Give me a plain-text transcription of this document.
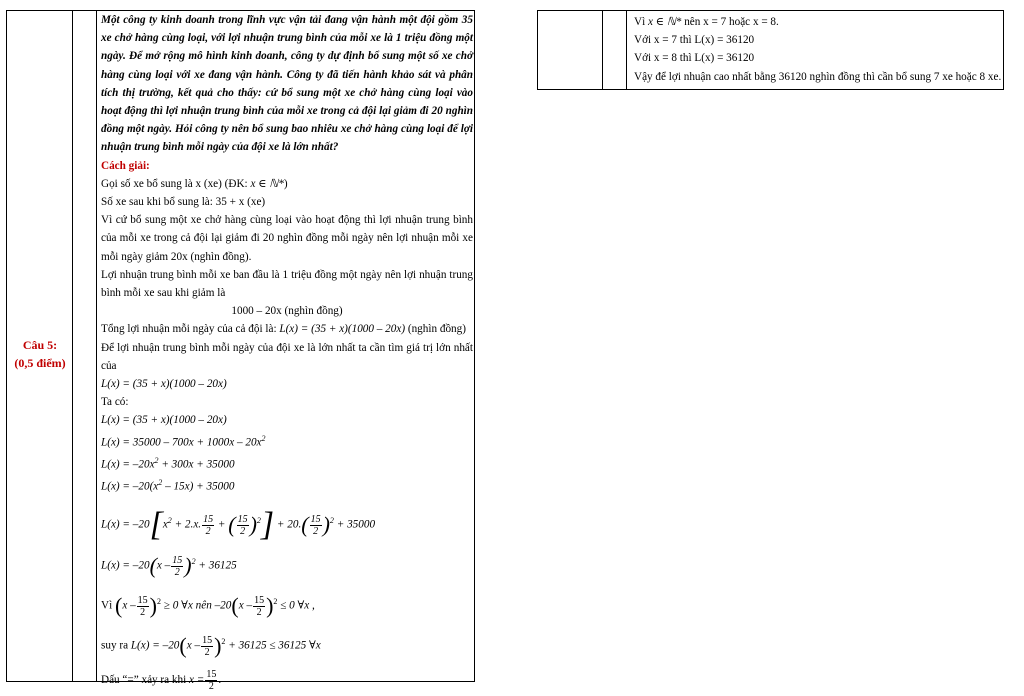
Câu 5:
(0,5 điểm)
Một công ty kinh doanh trong lĩnh vực vận tải đang vận hành một đội gồm 35 xe chở hàng cùng loại, với lợi nhuận trung bình của mỗi xe là 1 triệu đồng một ngày. Để mở rộng mô hình kinh doanh, công ty dự định bổ sung một số xe chở hàng cùng loại với xe đang vận hành. Công ty đã tiến hành khảo sát và phân tích thị trường, kết quả cho thấy: cứ bổ sung một xe chở hàng cùng loại vào hoạt động thì lợi nhuận trung bình của mỗi xe trong cả đội lại giảm đi 20 nghìn đồng một ngày. Hỏi công ty nên bổ sung bao nhiêu xe chở hàng cùng loại để lợi nhuận trung bình mỗi ngày của đội xe là lớn nhất?
Cách giải:
Gọi số xe bổ sung là x (xe) (ĐK: x ∈ ℕ*)
Số xe sau khi bổ sung là: 35 + x (xe)
Vì cứ bổ sung một xe chở hàng cùng loại vào hoạt động thì lợi nhuận trung bình của mỗi xe trong cả đội lại giảm đi 20 nghìn đồng mỗi ngày nên lợi nhuận mỗi xe mỗi ngày giảm 20x (nghìn đồng).
Lợi nhuận trung bình mỗi xe ban đầu là 1 triệu đồng một ngày nên lợi nhuận trung bình mỗi xe sau khi giảm là
1000 – 20x (nghìn đồng)
Tổng lợi nhuận mỗi ngày của cả đội là: L(x) = (35 + x)(1000 – 20x) (nghìn đồng)
Để lợi nhuận trung bình mỗi ngày của đội xe là lớn nhất ta cần tìm giá trị lớn nhất của
L(x) = (35 + x)(1000 – 20x)
Ta có:
L(x) = (35 + x)(1000 – 20x)
$L(x) = 35000 - 700x + 1000x - 20x^2$
$L(x) = -20x^2 + 300x + 35000$
$L(x) = -20(x^2 - 15x) + 35000$
$L(x) = -20[x^2 + 2.x$. $\frac{15}{2}$ + ( $\frac{15}{2} )^2] + 20.( \frac{15}{2} )^2 + 35000$
$L(x) = -20(x - \frac{15}{2} )^2 + 36125$
Vì $(x - \frac{15}{2} )^2 \ge 0$ ∀x nên $-20(x - \frac{15}{2} )^2 \le 0$ ∀x ,
suy ra $L(x) = -20(x - \frac{15}{2} )^2 + 36125 \le 36125$ ∀x
Dấu “=” xảy ra khi $x = \frac{15}{2}$ .
Vì x ∈ ℕ* nên x = 7 hoặc x = 8.
Với x = 7 thì L(x) = 36120
Với x = 8 thì L(x) = 36120
Vậy để lợi nhuận cao nhất bằng 36120 nghìn đồng thì cần bổ sung 7 xe hoặc 8 xe.
